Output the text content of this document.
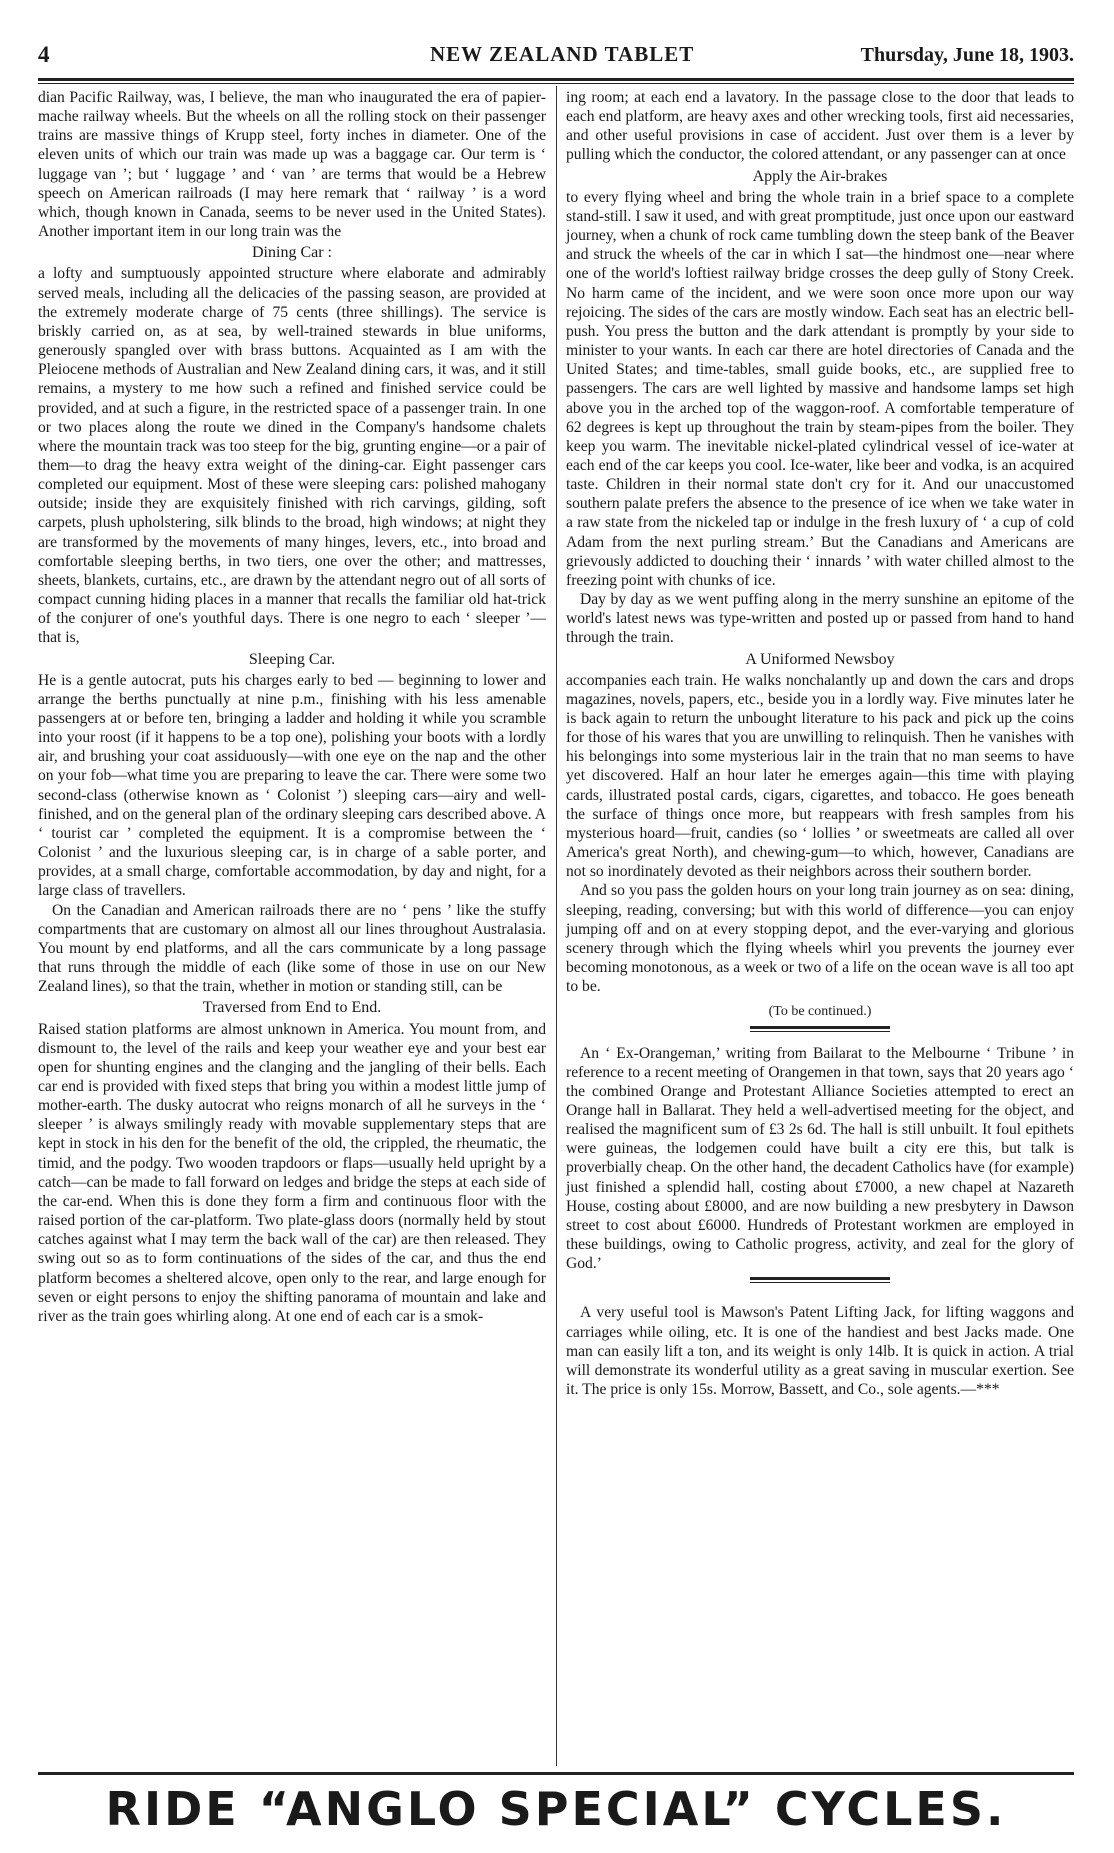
4	NEW ZEALAND TABLET	Thursday, June 18, 1903.

dian Pacific Railway, was, I believe, the man who inaugurated the era of papier-mache railway wheels. But the wheels on all the rolling stock on their passenger trains are massive things of Krupp steel, forty inches in diameter. One of the eleven units of which our train was made up was a baggage car. Our term is ‘ luggage van ’; but ‘ luggage ’ and ‘ van ’ are terms that would be a Hebrew speech on American railroads (I may here remark that ‘ railway ’ is a word which, though known in Canada, seems to be never used in the United States). Another important item in our long train was the

Dining Car :

a lofty and sumptuously appointed structure where elaborate and admirably served meals, including all the delicacies of the passing season, are provided at the extremely moderate charge of 75 cents (three shillings). The service is briskly carried on, as at sea, by well-trained stewards in blue uniforms, generously spangled over with brass buttons. Acquainted as I am with the Pleiocene methods of Australian and New Zealand dining cars, it was, and it still remains, a mystery to me how such a refined and finished service could be provided, and at such a figure, in the restricted space of a passenger train. In one or two places along the route we dined in the Company's handsome chalets where the mountain track was too steep for the big, grunting engine—or a pair of them—to drag the heavy extra weight of the dining-car. Eight passenger cars completed our equipment. Most of these were sleeping cars: polished mahogany outside; inside they are exquisitely finished with rich carvings, gilding, soft carpets, plush upholstering, silk blinds to the broad, high windows; at night they are transformed by the movements of many hinges, levers, etc., into broad and comfortable sleeping berths, in two tiers, one over the other; and mattresses, sheets, blankets, curtains, etc., are drawn by the attendant negro out of all sorts of compact cunning hiding places in a manner that recalls the familiar old hat-trick of the conjurer of one's youthful days. There is one negro to each ‘ sleeper ’—that is,

Sleeping Car.

He is a gentle autocrat, puts his charges early to bed — beginning to lower and arrange the berths punctually at nine p.m., finishing with his less amenable passengers at or before ten, bringing a ladder and holding it while you scramble into your roost (if it happens to be a top one), polishing your boots with a lordly air, and brushing your coat assiduously—with one eye on the nap and the other on your fob—what time you are preparing to leave the car. There were some two second-class (otherwise known as ‘ Colonist ’) sleeping cars—airy and well-finished, and on the general plan of the ordinary sleeping cars described above. A ‘ tourist car ’ completed the equipment. It is a compromise between the ‘ Colonist ’ and the luxurious sleeping car, is in charge of a sable porter, and provides, at a small charge, comfortable accommodation, by day and night, for a large class of travellers.

On the Canadian and American railroads there are no ‘ pens ’ like the stuffy compartments that are customary on almost all our lines throughout Australasia. You mount by end platforms, and all the cars communicate by a long passage that runs through the middle of each (like some of those in use on our New Zealand lines), so that the train, whether in motion or standing still, can be

Traversed from End to End.

Raised station platforms are almost unknown in America. You mount from, and dismount to, the level of the rails and keep your weather eye and your best ear open for shunting engines and the clanging and the jangling of their bells. Each car end is provided with fixed steps that bring you within a modest little jump of mother-earth. The dusky autocrat who reigns monarch of all he surveys in the ‘ sleeper ’ is always smilingly ready with movable supplementary steps that are kept in stock in his den for the benefit of the old, the crippled, the rheumatic, the timid, and the podgy. Two wooden trapdoors or flaps—usually held upright by a catch—can be made to fall forward on ledges and bridge the steps at each side of the car-end. When this is done they form a firm and continuous floor with the raised portion of the car-platform. Two plate-glass doors (normally held by stout catches against what I may term the back wall of the car) are then released. They swing out so as to form continuations of the sides of the car, and thus the end platform becomes a sheltered alcove, open only to the rear, and large enough for seven or eight persons to enjoy the shifting panorama of mountain and lake and river as the train goes whirling along. At one end of each car is a smok-

ing room; at each end a lavatory. In the passage close to the door that leads to each end platform, are heavy axes and other wrecking tools, first aid necessaries, and other useful provisions in case of accident. Just over them is a lever by pulling which the conductor, the colored attendant, or any passenger can at once

Apply the Air-brakes

to every flying wheel and bring the whole train in a brief space to a complete stand-still. I saw it used, and with great promptitude, just once upon our eastward journey, when a chunk of rock came tumbling down the steep bank of the Beaver and struck the wheels of the car in which I sat—the hindmost one—near where one of the world's loftiest railway bridge crosses the deep gully of Stony Creek. No harm came of the incident, and we were soon once more upon our way rejoicing. The sides of the cars are mostly window. Each seat has an electric bell-push. You press the button and the dark attendant is promptly by your side to minister to your wants. In each car there are hotel directories of Canada and the United States; and time-tables, small guide books, etc., are supplied free to passengers. The cars are well lighted by massive and handsome lamps set high above you in the arched top of the waggon-roof. A comfortable temperature of 62 degrees is kept up throughout the train by steam-pipes from the boiler. They keep you warm. The inevitable nickel-plated cylindrical vessel of ice-water at each end of the car keeps you cool. Ice-water, like beer and vodka, is an acquired taste. Children in their normal state don't cry for it. And our unaccustomed southern palate prefers the absence to the presence of ice when we take water in a raw state from the nickeled tap or indulge in the fresh luxury of ‘ a cup of cold Adam from the next purling stream.’ But the Canadians and Americans are grievously addicted to douching their ‘ innards ’ with water chilled almost to the freezing point with chunks of ice.

Day by day as we went puffing along in the merry sunshine an epitome of the world's latest news was type-written and posted up or passed from hand to hand through the train.

A Uniformed Newsboy

accompanies each train. He walks nonchalantly up and down the cars and drops magazines, novels, papers, etc., beside you in a lordly way. Five minutes later he is back again to return the unbought literature to his pack and pick up the coins for those of his wares that you are unwilling to relinquish. Then he vanishes with his belongings into some mysterious lair in the train that no man seems to have yet discovered. Half an hour later he emerges again—this time with playing cards, illustrated postal cards, cigars, cigarettes, and tobacco. He goes beneath the surface of things once more, but reappears with fresh samples from his mysterious hoard—fruit, candies (so ‘ lollies ’ or sweetmeats are called all over America's great North), and chewing-gum—to which, however, Canadians are not so inordinately devoted as their neighbors across their southern border.

And so you pass the golden hours on your long train journey as on sea: dining, sleeping, reading, conversing; but with this world of difference—you can enjoy jumping off and on at every stopping depot, and the ever-varying and glorious scenery through which the flying wheels whirl you prevents the journey ever becoming monotonous, as a week or two of a life on the ocean wave is all too apt to be.

(To be continued.)

An ‘ Ex-Orangeman,’ writing from Bailarat to the Melbourne ‘ Tribune ’ in reference to a recent meeting of Orangemen in that town, says that 20 years ago ‘ the combined Orange and Protestant Alliance Societies attempted to erect an Orange hall in Ballarat. They held a well-advertised meeting for the object, and realised the magnificent sum of £3 2s 6d. The hall is still unbuilt. It foul epithets were guineas, the lodgemen could have built a city ere this, but talk is proverbially cheap. On the other hand, the decadent Catholics have (for example) just finished a splendid hall, costing about £7000, a new chapel at Nazareth House, costing about £8000, and are now building a new presbytery in Dawson street to cost about £6000. Hundreds of Protestant workmen are employed in these buildings, owing to Catholic progress, activity, and zeal for the glory of God.’

A very useful tool is Mawson's Patent Lifting Jack, for lifting waggons and carriages while oiling, etc. It is one of the handiest and best Jacks made. One man can easily lift a ton, and its weight is only 14lb. It is quick in action. A trial will demonstrate its wonderful utility as a great saving in muscular exertion. See it. The price is only 15s. Morrow, Bassett, and Co., sole agents.—***

RIDE “ANGLO SPECIAL” CYCLES.
